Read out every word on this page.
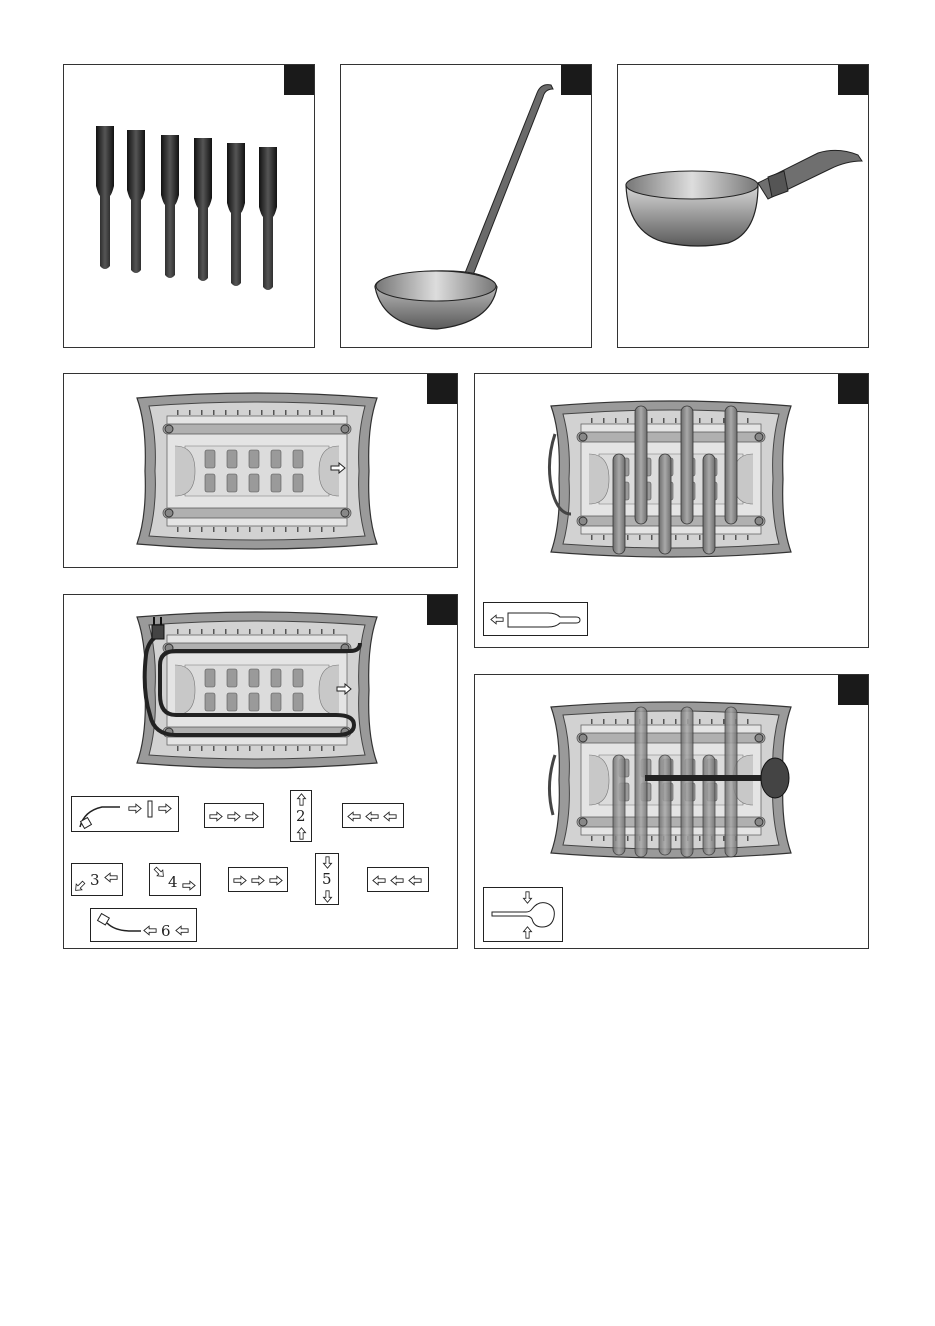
2
3	4	5
6
